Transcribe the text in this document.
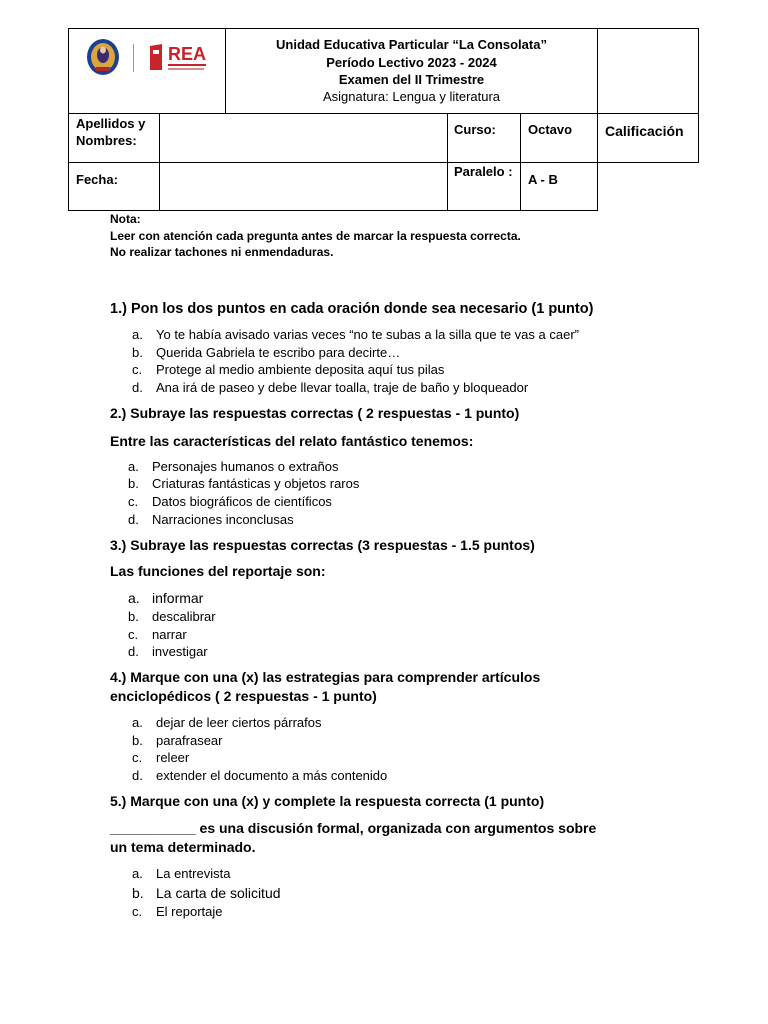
REA	Unidad Educativa Particular “La Consolata”
Período Lectivo 2023 - 2024
Examen del II Trimestre
Asignatura: Lengua y literatura
Apellidos y Nombres:
Curso: Octavo Calificación
Fecha:
Paralelo :
A - B
Nota:
Leer con atención cada pregunta antes de marcar la respuesta correcta.
No realizar tachones ni enmendaduras.
1.) Pon los dos puntos en cada oración donde sea necesario (1 punto)
a. Yo te había avisado varias veces “no te subas a la silla que te vas a caer”
b. Querida Gabriela te escribo para decirte…
c. Protege al medio ambiente deposita aquí tus pilas
d. Ana irá de paseo y debe llevar toalla, traje de baño y bloqueador
2.) Subraye las respuestas correctas ( 2 respuestas - 1 punto)
Entre las características del relato fantástico tenemos:
a. Personajes humanos o extraños
b. Criaturas fantásticas y objetos raros
c. Datos biográficos de científicos
d. Narraciones inconclusas
3.) Subraye las respuestas correctas (3 respuestas - 1.5 puntos)
Las funciones del reportaje son:
a. informar
b. descalibrar
c. narrar
d. investigar
4.) Marque con una (x) las estrategias para comprender artículos
enciclopédicos ( 2 respuestas - 1 punto)
a. dejar de leer ciertos párrafos
b. parafrasear
c. releer
d. extender el documento a más contenido
5.) Marque con una (x) y complete la respuesta correcta (1 punto)
___________ es una discusión formal, organizada con argumentos sobre
un tema determinado.
a. La entrevista
b. La carta de solicitud
c. El reportaje
